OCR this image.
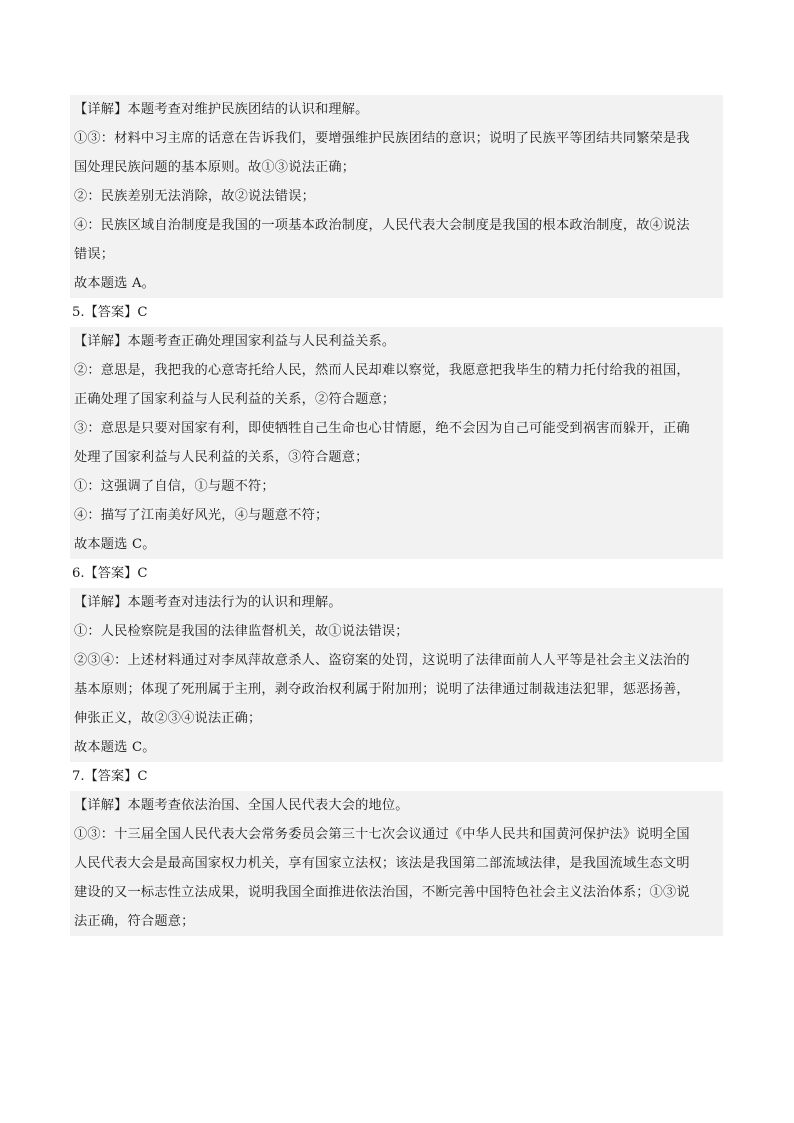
【详解】本题考查对维护民族团结的认识和理解。
①③：材料中习主席的话意在告诉我们，要增强维护民族团结的意识；说明了民族平等团结共同繁荣是我
国处理民族问题的基本原则。故①③说法正确；
②：民族差别无法消除，故②说法错误；
④：民族区域自治制度是我国的一项基本政治制度，人民代表大会制度是我国的根本政治制度，故④说法
错误；
故本题选 A。
5.【答案】C
【详解】本题考查正确处理国家利益与人民利益关系。
②：意思是，我把我的心意寄托给人民，然而人民却难以察觉，我愿意把我毕生的精力托付给我的祖国，
正确处理了国家利益与人民利益的关系，②符合题意；
③：意思是只要对国家有利，即使牺牲自己生命也心甘情愿，绝不会因为自己可能受到祸害而躲开，正确
处理了国家利益与人民利益的关系，③符合题意；
①：这强调了自信，①与题不符；
④：描写了江南美好风光，④与题意不符；
故本题选 C。
6.【答案】C
【详解】本题考查对违法行为的认识和理解。
①：人民检察院是我国的法律监督机关，故①说法错误；
②③④：上述材料通过对李凤萍故意杀人、盗窃案的处罚，这说明了法律面前人人平等是社会主义法治的
基本原则；体现了死刑属于主刑，剥夺政治权利属于附加刑；说明了法律通过制裁违法犯罪，惩恶扬善，
伸张正义，故②③④说法正确；
故本题选 C。
7.【答案】C
【详解】本题考查依法治国、全国人民代表大会的地位。
①③：十三届全国人民代表大会常务委员会第三十七次会议通过《中华人民共和国黄河保护法》说明全国
人民代表大会是最高国家权力机关，享有国家立法权；该法是我国第二部流域法律，是我国流域生态文明
建设的又一标志性立法成果，说明我国全面推进依法治国，不断完善中国特色社会主义法治体系；①③说
法正确，符合题意；
